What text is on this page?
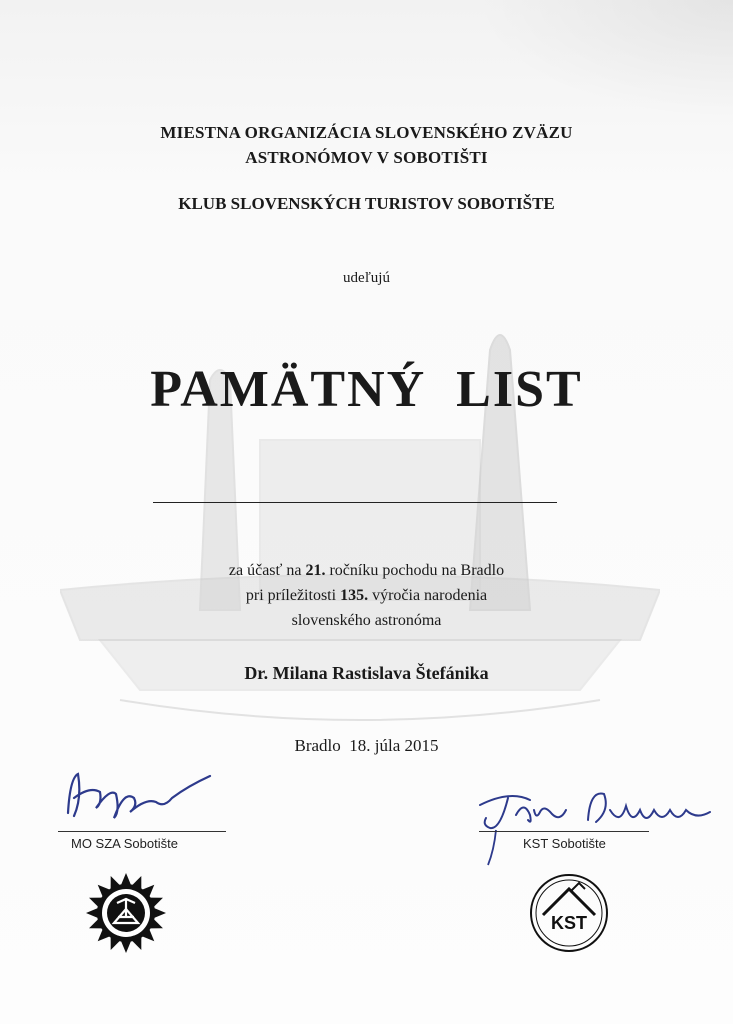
MIESTNA ORGANIZÁCIA SLOVENSKÉHO ZVÄZU
ASTRONÓMOV V SOBOTIŠTI
KLUB SLOVENSKÝCH TURISTOV SOBOTIŠTE
udeľujú
PAMÄTNÝ  LIST
za účasť na 21. ročníku pochodu na Bradlo
pri príležitosti 135. výročia narodenia
slovenského astronóma
Dr. Milana Rastislava Štefánika
Bradlo  18. júla 2015
MO SZA Sobotište	KST Sobotište
KST
